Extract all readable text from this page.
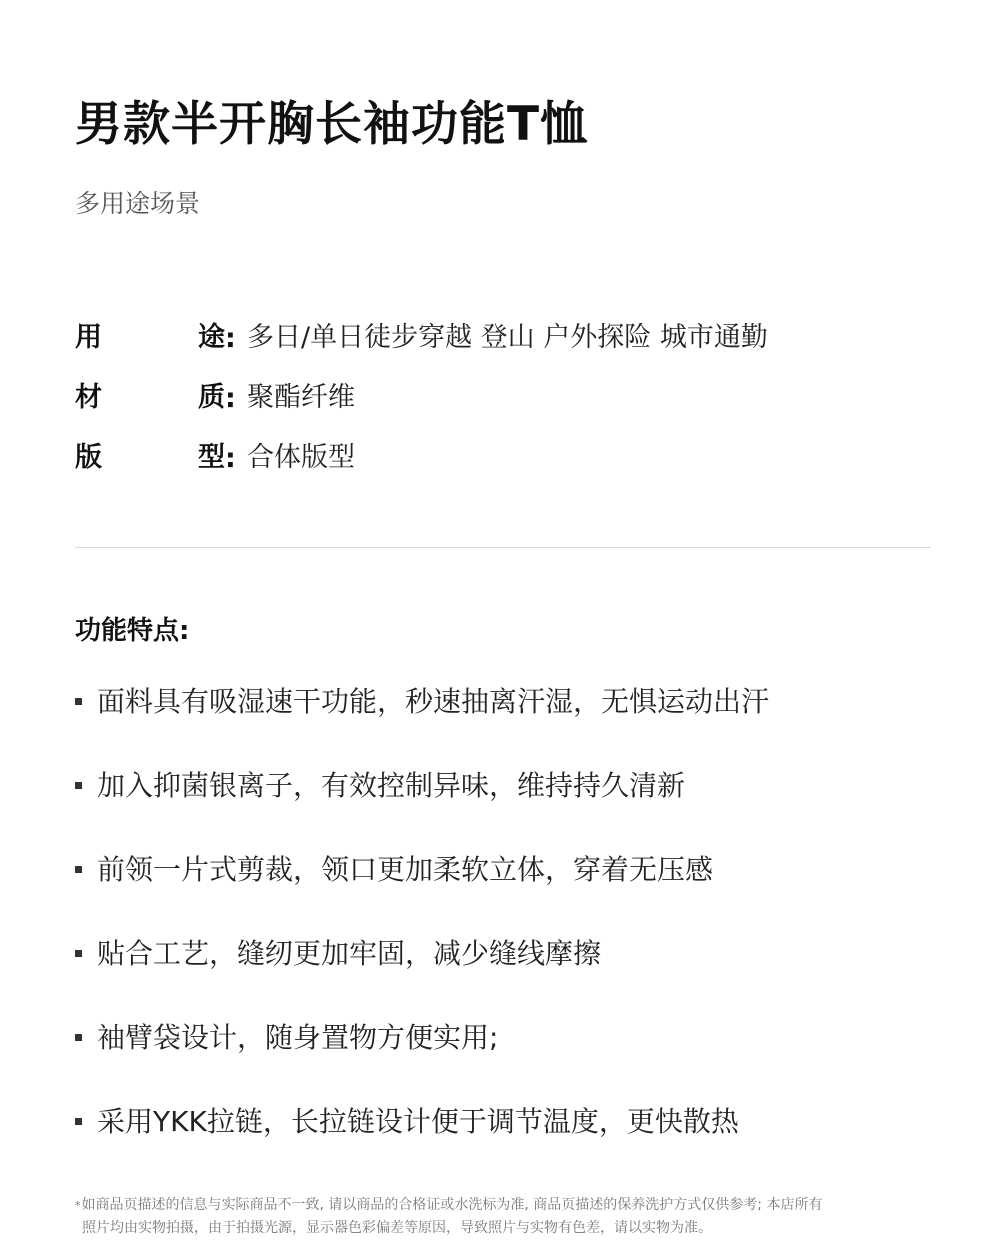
男款半开胸长袖功能T恤
多用途场景
用	途 : 多日/单日徒步穿越 登山 户外探险 城市通勤
材	质 : 聚酯纤维
版	型 : 合体版型
功能特点:
面料具有吸湿速干功能，秒速抽离汗湿，无惧运动出汗
加入抑菌银离子，有效控制异味，维持持久清新
前领一片式剪裁，领口更加柔软立体，穿着无压感
贴合工艺，缝纫更加牢固，减少缝线摩擦
袖臂袋设计，随身置物方便实用;
采用YKK拉链，长拉链设计便于调节温度，更快散热
*如商品页描述的信息与实际商品不一致, 请以商品的合格证或水洗标为准, 商品页描述的保养洗护方式仅供参考; 本店所有
照片均由实物拍摄，由于拍摄光源，显示器色彩偏差等原因，导致照片与实物有色差，请以实物为准。
